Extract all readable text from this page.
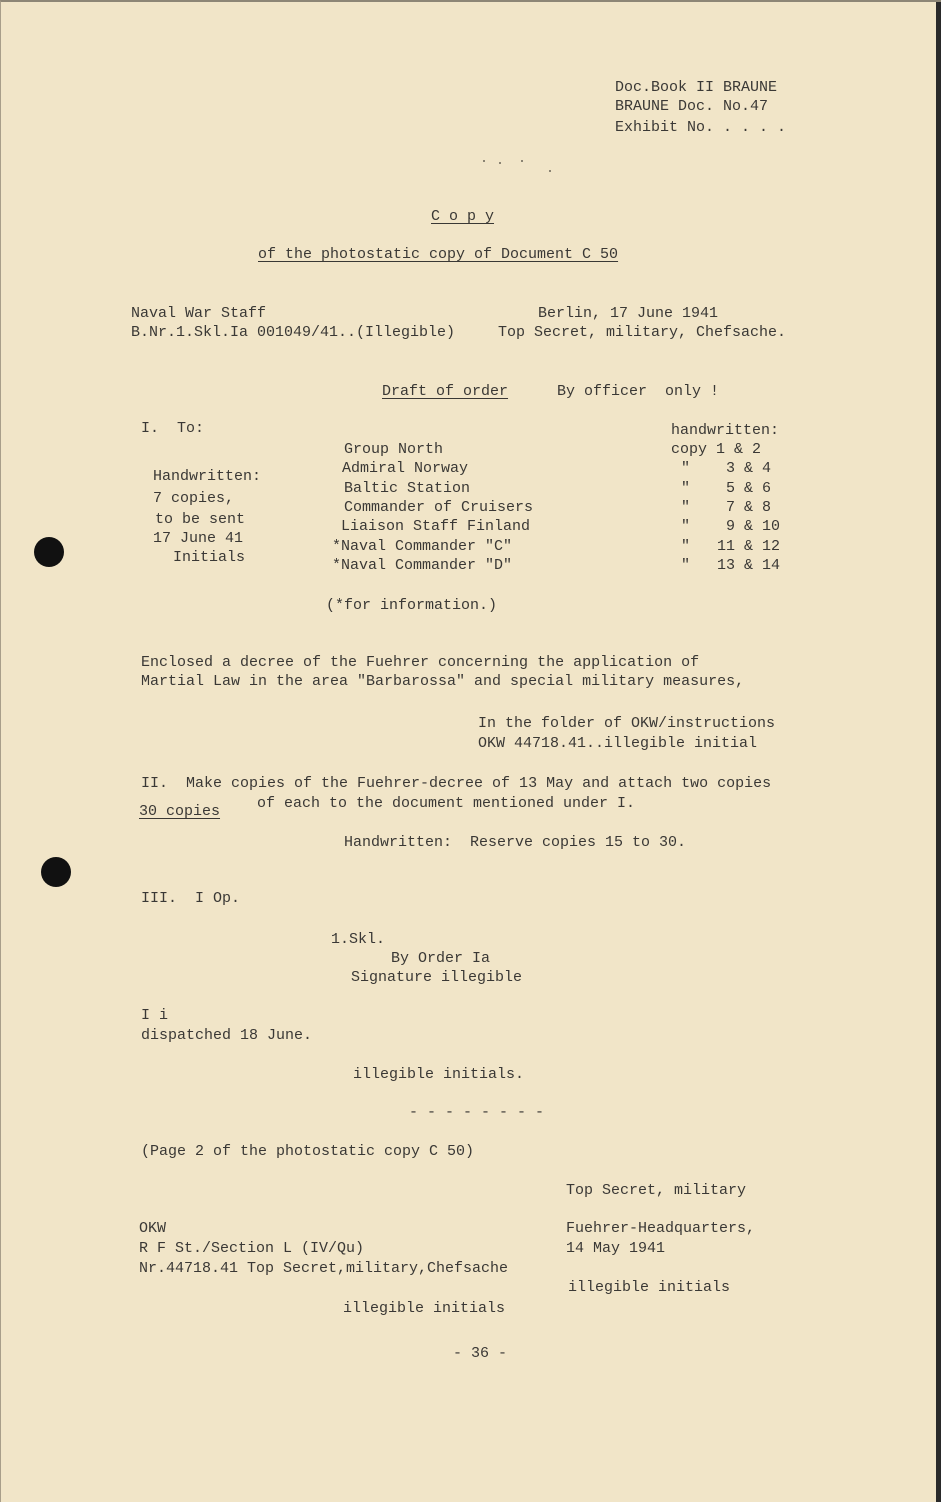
Doc.Book II BRAUNE
BRAUNE Doc. No.47
Exhibit No. . . . .
C o p y
of the photostatic copy of Document C 50
Naval War Staff
B.Nr.1.Skl.Ia 001049/41..(Illegible)
Berlin, 17 June 1941
Top Secret, military, Chefsache.
Draft of order	By officer  only !
I.  To:	handwritten:
Handwritten:
7 copies,
to be sent
17 June 41
Initials
Group North	copy 1 & 2
Admiral Norway	"    3 & 4
Baltic Station	"    5 & 6
Commander of Cruisers	"    7 & 8
Liaison Staff Finland	"    9 & 10
*Naval Commander "C"	"   11 & 12
*Naval Commander "D"	"   13 & 14
(*for information.)
Enclosed a decree of the Fuehrer concerning the application of
Martial Law in the area "Barbarossa" and special military measures,
In the folder of OKW/instructions
OKW 44718.41..illegible initial
II.  Make copies of the Fuehrer-decree of 13 May and attach two copies
30 copies of each to the document mentioned under I.
Handwritten:  Reserve copies 15 to 30.
III.  I Op.
1.Skl.
By Order Ia
Signature illegible
I i
dispatched 18 June.
illegible initials.
- - - - - - - -
(Page 2 of the photostatic copy C 50)
Top Secret, military
OKW
R F St./Section L (IV/Qu)
Nr.44718.41 Top Secret,military,Chefsache
Fuehrer-Headquarters,
14 May 1941
illegible initials
illegible initials
- 36 -
